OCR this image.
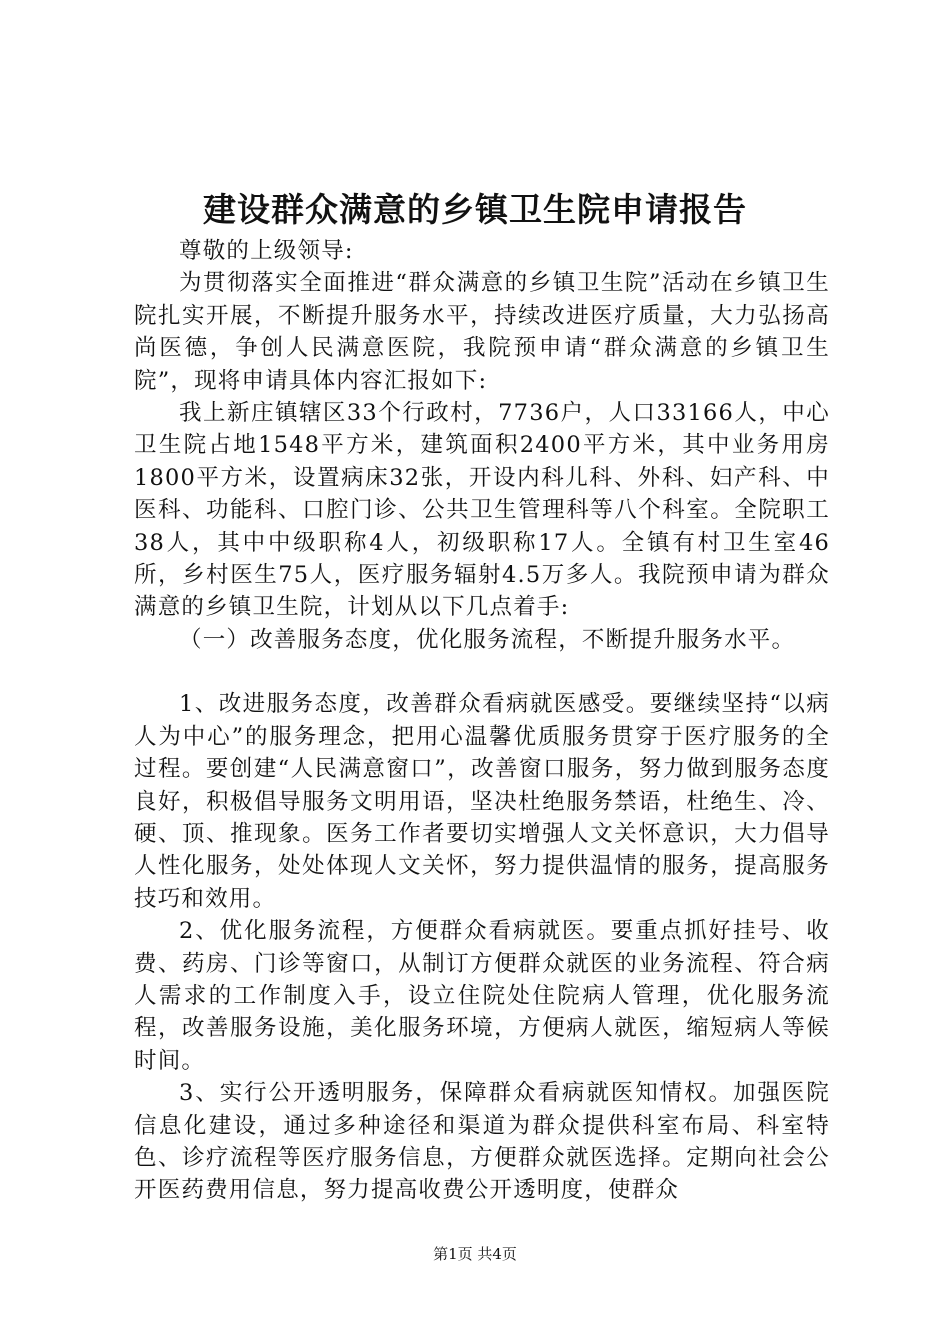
建设群众满意的乡镇卫生院申请报告

尊敬的上级领导:

为贯彻落实全面推进“群众满意的乡镇卫生院”活动在乡镇卫生院扎实开展，不断提升服务水平，持续改进医疗质量，大力弘扬高尚医德，争创人民满意医院，我院预申请“群众满意的乡镇卫生院”，现将申请具体内容汇报如下:

我上新庄镇辖区33个行政村，7736户，人口33166人，中心卫生院占地1548平方米，建筑面积2400平方米，其中业务用房1800平方米，设置病床32张，开设内科儿科、外科、妇产科、中医科、功能科、口腔门诊、公共卫生管理科等八个科室。全院职工38人，其中中级职称4人，初级职称17人。全镇有村卫生室46所，乡村医生75人，医疗服务辐射4.5万多人。我院预申请为群众满意的乡镇卫生院，计划从以下几点着手:

（一）改善服务态度，优化服务流程，不断提升服务水平。

1、改进服务态度，改善群众看病就医感受。要继续坚持“以病人为中心”的服务理念，把用心温馨优质服务贯穿于医疗服务的全过程。要创建“人民满意窗口”，改善窗口服务，努力做到服务态度良好，积极倡导服务文明用语，坚决杜绝服务禁语，杜绝生、冷、硬、顶、推现象。医务工作者要切实增强人文关怀意识，大力倡导人性化服务，处处体现人文关怀，努力提供温情的服务，提高服务技巧和效用。

2、优化服务流程，方便群众看病就医。要重点抓好挂号、收费、药房、门诊等窗口，从制订方便群众就医的业务流程、符合病人需求的工作制度入手，设立住院处住院病人管理，优化服务流程，改善服务设施，美化服务环境，方便病人就医，缩短病人等候时间。

3、实行公开透明服务，保障群众看病就医知情权。加强医院信息化建设，通过多种途径和渠道为群众提供科室布局、科室特色、诊疗流程等医疗服务信息，方便群众就医选择。定期向社会公开医药费用信息，努力提高收费公开透明度，使群众

第1页 共4页
